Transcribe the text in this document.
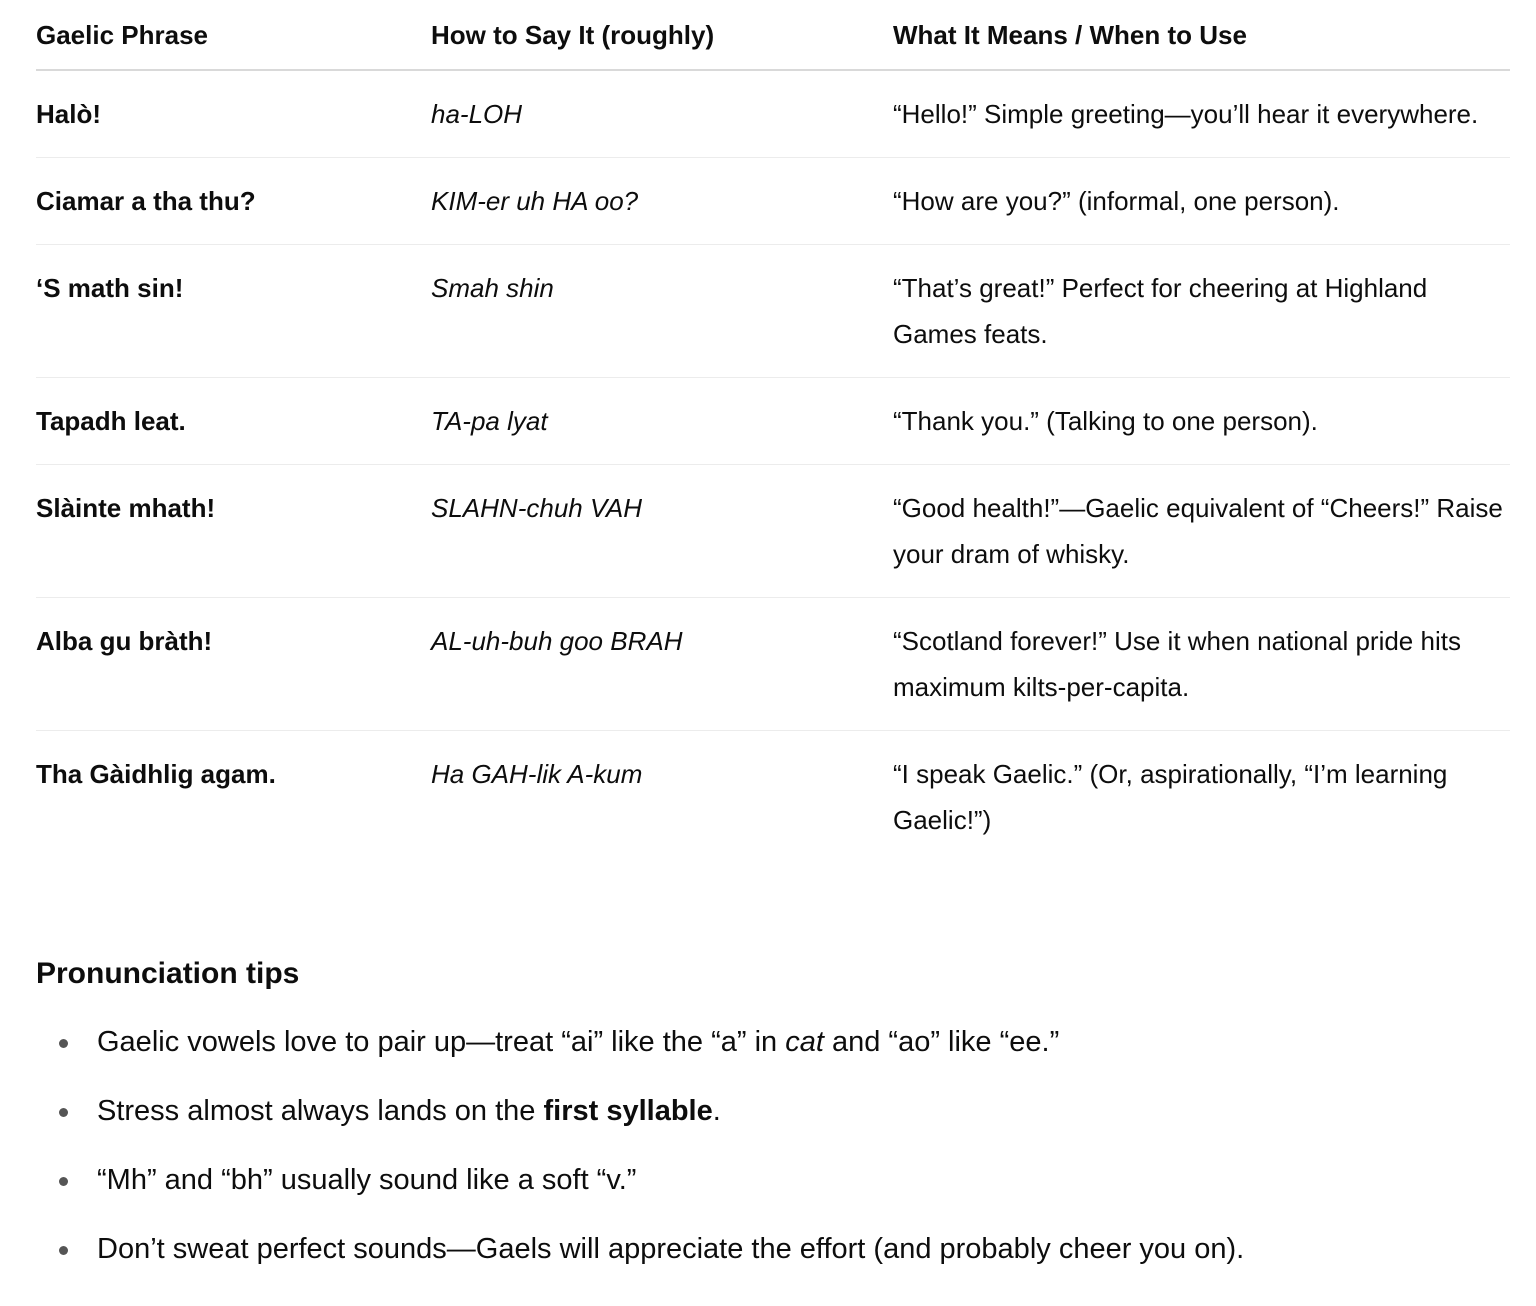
Gaelic Phrase	How to Say It (roughly)	What It Means / When to Use
Halò!	ha-LOH	“Hello!” Simple greeting—you’ll hear it everywhere.
Ciamar a tha thu?	KIM-er uh HA oo?	“How are you?” (informal, one person).
‘S math sin!	Smah shin	“That’s great!” Perfect for cheering at Highland Games feats.
Tapadh leat.	TA-pa lyat	“Thank you.” (Talking to one person).
Slàinte mhath!	SLAHN-chuh VAH	“Good health!”—Gaelic equivalent of “Cheers!” Raise your dram of whisky.
Alba gu bràth!	AL-uh-buh goo BRAH	“Scotland forever!” Use it when national pride hits maximum kilts-per-capita.
Tha Gàidhlig agam.	Ha GAH-lik A-kum	“I speak Gaelic.” (Or, aspirationally, “I’m learning Gaelic!”)
Pronunciation tips
Gaelic vowels love to pair up—treat “ai” like the “a” in cat and “ao” like “ee.”
Stress almost always lands on the first syllable.
“Mh” and “bh” usually sound like a soft “v.”
Don’t sweat perfect sounds—Gaels will appreciate the effort (and probably cheer you on).
